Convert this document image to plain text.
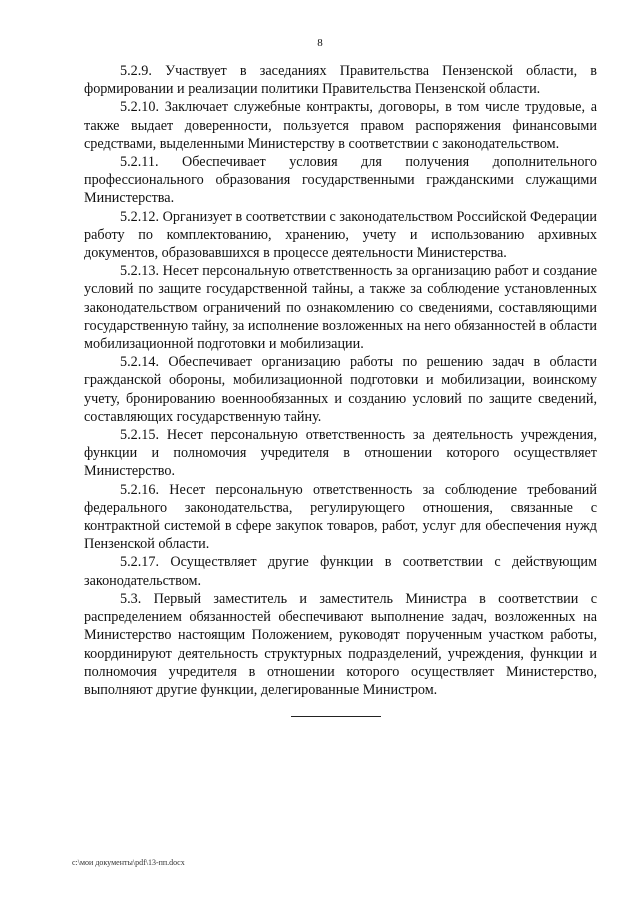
8

5.2.9. Участвует в заседаниях Правительства Пензенской области, в формировании и реализации политики Правительства Пензенской области.

5.2.10. Заключает служебные контракты, договоры, в том числе трудовые, а также выдает доверенности, пользуется правом распоряжения финансовыми средствами, выделенными Министерству в соответствии с законодательством.

5.2.11. Обеспечивает условия для получения дополнительного профессионального образования государственными гражданскими служащими Министерства.

5.2.12. Организует в соответствии с законодательством Российской Федерации работу по комплектованию, хранению, учету и использованию архивных документов, образовавшихся в процессе деятельности Министерства.

5.2.13. Несет персональную ответственность за организацию работ и создание условий по защите государственной тайны, а также за соблюдение установленных законодательством ограничений по ознакомлению со сведениями, составляющими государственную тайну, за исполнение возложенных на него обязанностей в области мобилизационной подготовки и мобилизации.

5.2.14. Обеспечивает организацию работы по решению задач в области гражданской обороны, мобилизационной подготовки и мобилизации, воинскому учету, бронированию военнообязанных и созданию условий по защите сведений, составляющих государственную тайну.

5.2.15. Несет персональную ответственность за деятельность учреждения, функции и полномочия учредителя в отношении которого осуществляет Министерство.

5.2.16. Несет персональную ответственность за соблюдение требований федерального законодательства, регулирующего отношения, связанные с контрактной системой в сфере закупок товаров, работ, услуг для обеспечения нужд Пензенской области.

5.2.17. Осуществляет другие функции в соответствии с действующим законодательством.

5.3. Первый заместитель и заместитель Министра в соответствии с распределением обязанностей обеспечивают выполнение задач, возложенных на Министерство настоящим Положением, руководят порученным участком работы, координируют деятельность структурных подразделений, учреждения, функции и полномочия учредителя в отношении которого осуществляет Министерство, выполняют другие функции, делегированные Министром.

c:\мои документы\pdf\13-пп.docx
